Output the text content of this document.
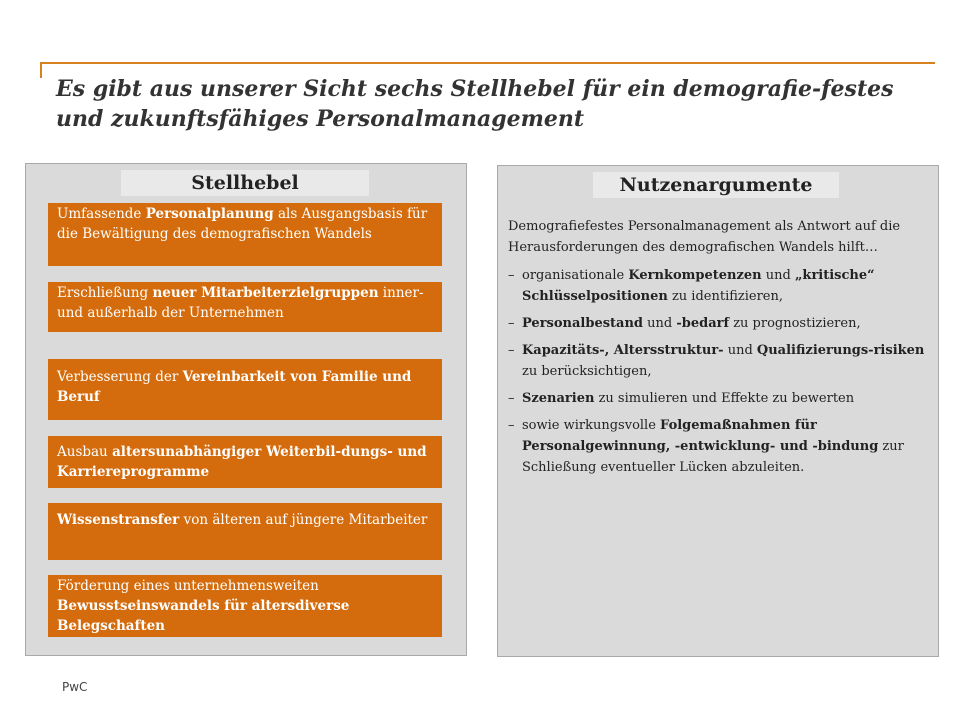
Es gibt aus unserer Sicht sechs Stellhebel für ein demografie-festes und zukunftsfähiges Personalmanagement
Stellhebel
Umfassende Personalplanung als Ausgangsbasis für die Bewältigung des demografischen Wandels
Erschließung neuer Mitarbeiterzielgruppen inner- und außerhalb der Unternehmen
Verbesserung der Vereinbarkeit von Familie und Beruf
Ausbau altersunabhängiger Weiterbil-dungs- und Karriereprogramme
Wissenstransfer von älteren auf jüngere Mitarbeiter
Förderung eines unternehmensweiten Bewusstseinswandels für altersdiverse Belegschaften
Nutzenargumente
Demografiefestes Personalmanagement als Antwort auf die Herausforderungen des demografischen Wandels hilft…
– organisationale Kernkompetenzen und „kritische“ Schlüsselpositionen zu identifizieren,
– Personalbestand und -bedarf zu prognostizieren,
– Kapazitäts-, Altersstruktur- und Qualifizierungs-risiken zu berücksichtigen,
– Szenarien zu simulieren und Effekte zu bewerten
– sowie wirkungsvolle Folgemaßnahmen für Personalgewinnung, -entwicklung- und -bindung zur Schließung eventueller Lücken abzuleiten.
PwC
